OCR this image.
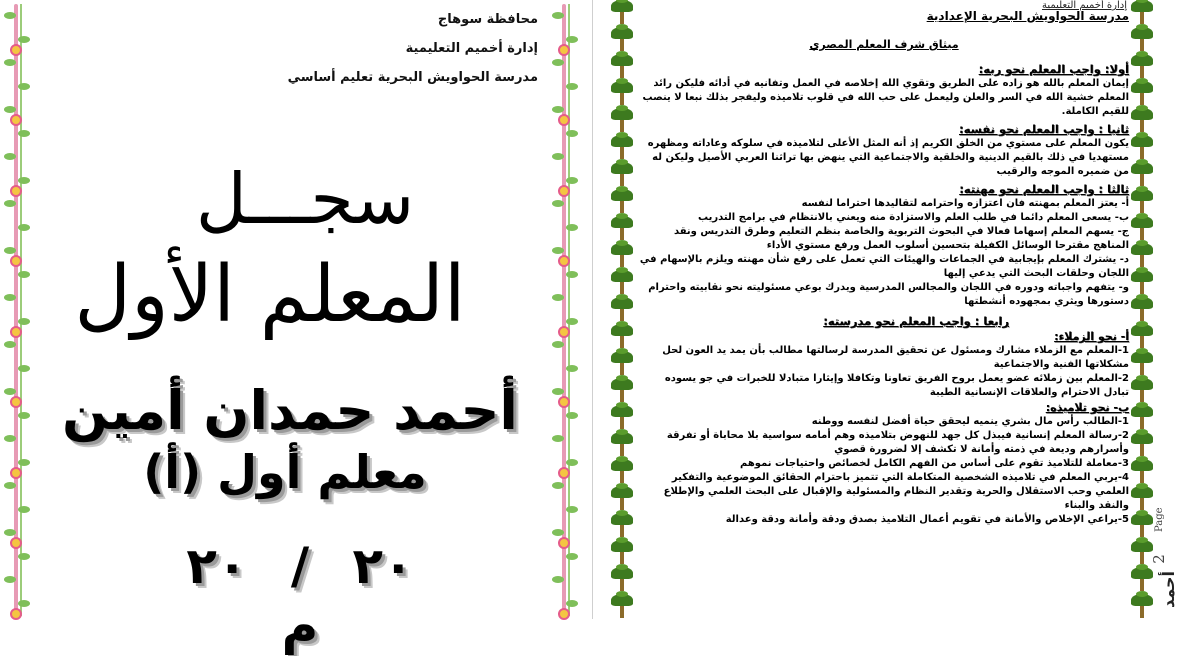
محافظة سوهاج
إدارة أخميم التعليمية
مدرسة الحواويش البحرية تعليم أساسي
سجـــل
المعلم الأول
أحمد حمدان أمين
معلم أول (أ)
٢٠ / ٢٠ م
إدارة أخميم التعليمية
مدرسة الحواويش البحرية الإعدادية
ميثاق شرف المعلم المصري
أولا: واجب المعلم نحو ربه:

إيمان المعلم بالله هو زاده على الطريق وتقوي الله إخلاصه في العمل وتفانيه في أدائه فليكن رائد المعلم خشية الله في السر والعلن وليعمل على حب الله في قلوب تلاميذه وليفجر بذلك نبعا لا ينصب للقيم الكاملة.

ثانيا : واجب المعلم نحو نفسه:

يكون المعلم على مستوي من الخلق الكريم إذ أنه المثل الأعلى لتلاميذه في سلوكه وعاداته ومظهره مستهديا في ذلك بالقيم الدينية والخلقية والاجتماعية التي ينهض بها تراثنا العربي الأصيل وليكن له من ضميره الموجه والرقيب

ثالثا : واجب المعلم نحو مهنته:

أ- يعتز المعلم بمهنته فان اعتزازه واحترامه لتقاليدها احتراما لنفسه

ب- يسعى المعلم دائما في طلب العلم والاستزادة منه ويعني بالانتظام في برامج التدريب

ج- يسهم المعلم إسهاما فعالا في البحوث التربوية والخاصة بنظم التعليم وطرق التدريس ونقد المناهج مقترحا الوسائل الكفيلة بتحسين أسلوب العمل ورفع مستوي الأداء

د- يشترك المعلم بإيجابية في الجماعات والهيئات التي تعمل على رفع شأن مهنته ويلزم بالإسهام في اللجان وحلقات البحث التي يدعي إليها

و- يتفهم واجباته ودوره في اللجان والمجالس المدرسية ويدرك بوعي مسئوليته نحو نقابيته واحترام دستورها ويثري بمجهوده أنشطتها

رابعا : واجب المعلم نحو مدرسته:
أ- نحو الزملاء:

1-المعلم مع الزملاء مشارك ومسئول عن تحقيق المدرسة لرسالتها مطالب بأن يمد يد العون لحل مشكلاتها الفنية والاجتماعية

2-المعلم بين زملائه عضو يعمل بروح الفريق تعاونا وتكافلا وإيثارا متبادلا للخبرات في جو يسوده تبادل الاحترام والعلاقات الإنسانية الطيبة

ب- نحو تلاميذه:

1-الطالب رأس مال بشري ينميه ليحقق حياة أفضل لنفسه ووطنه

2-رسالة المعلم إنسانية فيبذل كل جهد للنهوض بتلاميذه وهم أمامه سواسية بلا محاباة أو تفرقة وأسرارهم وديعة في ذمته وأمانة لا تكشف إلا لضرورة قصوي

3-معاملة للتلاميذ تقوم على أساس من الفهم الكامل لخصائص واحتياجات نموهم

4-يربي المعلم في تلاميذه الشخصية المتكاملة التي تتميز باحترام الحقائق الموضوعية والتفكير العلمي وحب الاستقلال والحرية وتقدير النظام والمسئولية والإقبال على البحث العلمي والإطلاع والنقد والبناء

5-يراعي الإخلاص والأمانة في تقويم أعمال التلاميذ بصدق ودقة وأمانة ودقة وعدالة	Page
2
أحمد
